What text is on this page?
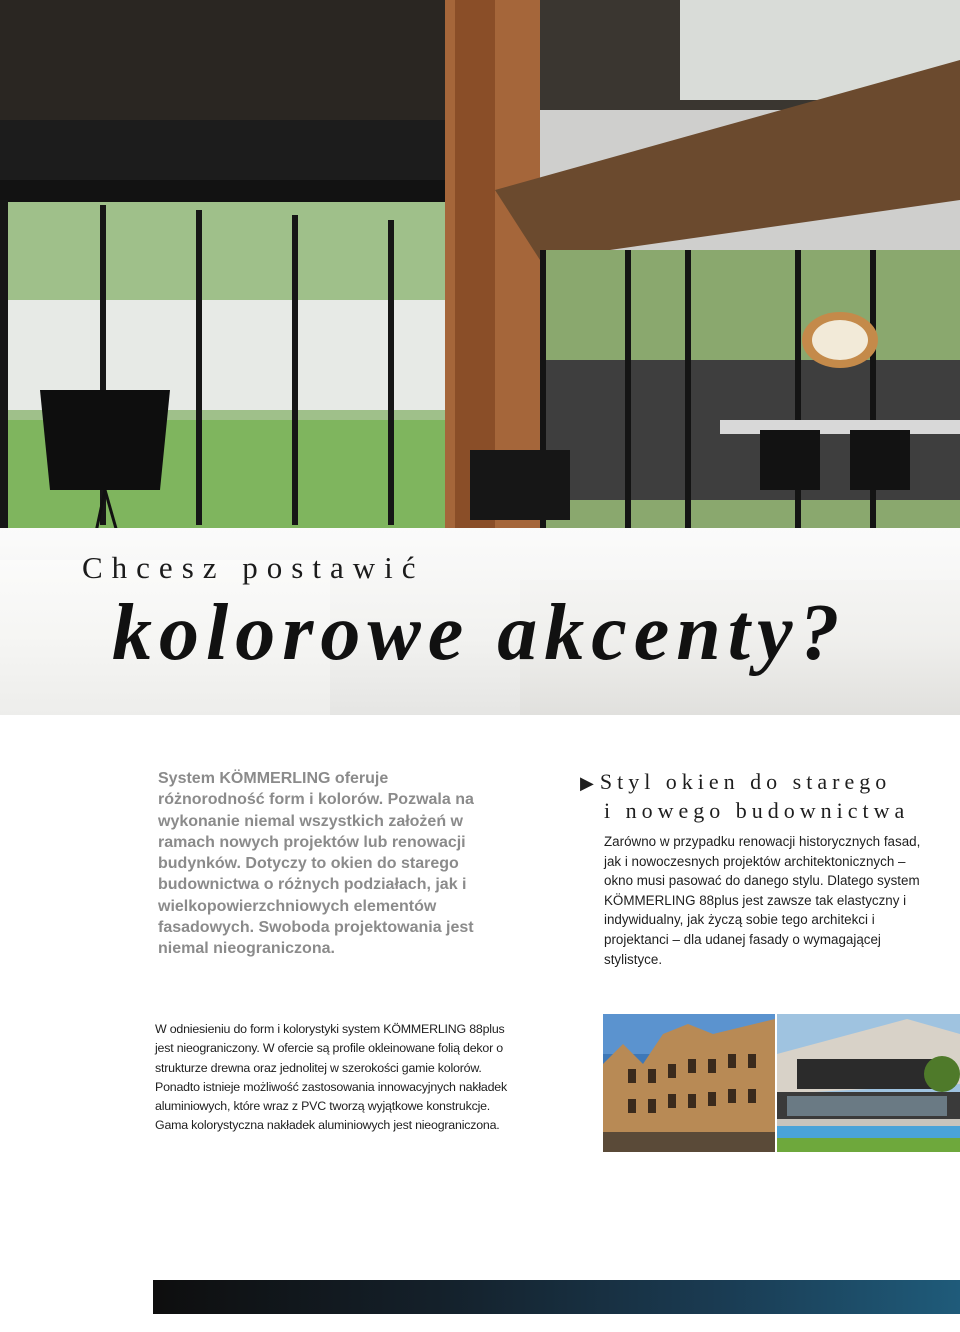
Chcesz postawić
kolorowe akcenty?

System KÖMMERLING oferuje różnorodność form i kolorów. Pozwala na wykonanie niemal wszystkich założeń w ramach nowych projektów lub renowacji budynków. Dotyczy to okien do starego budownictwa o różnych podziałach, jak i wielkopowierzchniowych elementów fasadowych. Swoboda projektowania jest niemal nieograniczona.

▶ Styl okien do starego
i nowego budownictwa

Zarówno w przypadku renowacji historycznych fasad, jak i nowoczesnych projektów architektonicznych – okno musi pasować do danego stylu. Dlatego system KÖMMERLING 88plus jest zawsze tak elastyczny i indywidualny, jak życzą sobie tego architekci i projektanci – dla udanej fasady o wymagającej stylistyce.

W odniesieniu do form i kolorystyki system KÖMMERLING 88plus jest nieograniczony. W ofercie są profile okleinowane folią dekor o strukturze drewna oraz jednolitej w szerokości gamie kolorów. Ponadto istnieje możliwość zastosowania innowacyjnych nakładek aluminiowych, które wraz z PVC tworzą wyjątkowe konstrukcje. Gama kolorystyczna nakładek aluminiowych jest nieograniczona.
